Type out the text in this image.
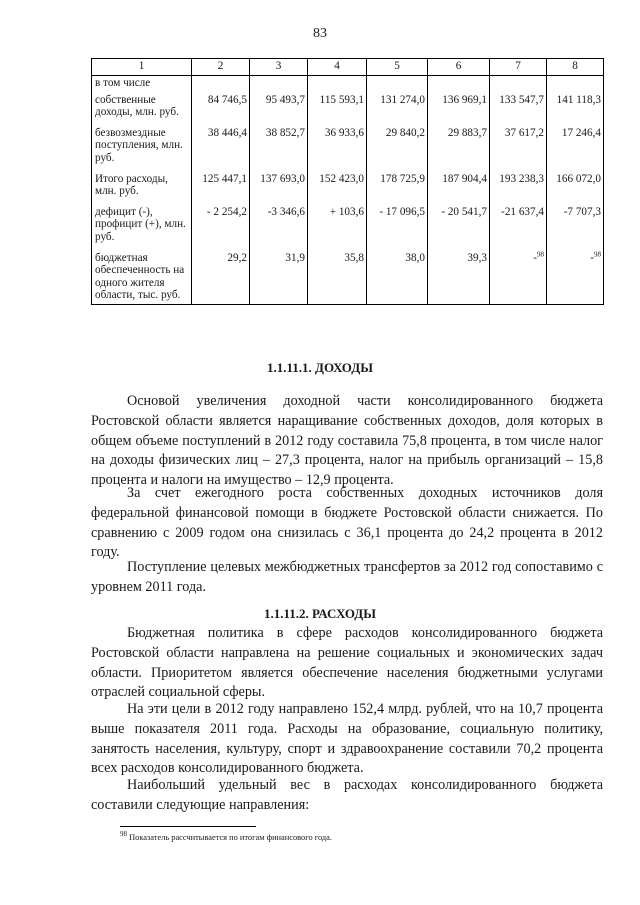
83
1	2	3	4	5	6	7	8
в том числе							
собственные доходы, млн. руб.	84 746,5	95 493,7	115 593,1	131 274,0	136 969,1	133 547,7	141 118,3
безвозмездные поступления, млн. руб.	38 446,4	38 852,7	36 933,6	29 840,2	29 883,7	37 617,2	17 246,4
Итого расходы, млн. руб.	125 447,1	137 693,0	152 423,0	178 725,9	187 904,4	193 238,3	166 072,0
дефицит (-), профицит (+), млн. руб.	- 2 254,2	-3 346,6	+ 103,6	- 17 096,5	- 20 541,7	-21 637,4	-7 707,3
бюджетная обеспеченность на одного жителя области, тыс. руб.	29,2	31,9	35,8	38,0	39,3	-$^{98}$	-$^{98}$
1.1.11.1. ДОХОДЫ

Основой увеличения доходной части консолидированного бюджета Ростовской области является наращивание собственных доходов, доля которых в общем объеме поступлений в 2012 году составила 75,8 процента, в том числе налог на доходы физических лиц – 27,3 процента, налог на прибыль организаций – 15,8 процента и налоги на имущество – 12,9 процента.

За счет ежегодного роста собственных доходных источников доля федеральной финансовой помощи в бюджете Ростовской области снижается. По сравнению с 2009 годом она снизилась с 36,1 процента до 24,2 процента в 2012 году.

Поступление целевых межбюджетных трансфертов за 2012 год сопоставимо с уровнем 2011 года.

1.1.11.2. РАСХОДЫ

Бюджетная политика в сфере расходов консолидированного бюджета Ростовской области направлена на решение социальных и экономических задач области. Приоритетом является обеспечение населения бюджетными услугами отраслей социальной сферы.

На эти цели в 2012 году направлено 152,4 млрд. рублей, что на 10,7 процента выше показателя 2011 года. Расходы на образование, социальную политику, занятость населения, культуру, спорт и здравоохранение составили 70,2 процента всех расходов консолидированного бюджета.

Наибольший удельный вес в расходах консолидированного бюджета составили следующие направления:

$^{98}$ Показатель рассчитывается по итогам финансового года.
